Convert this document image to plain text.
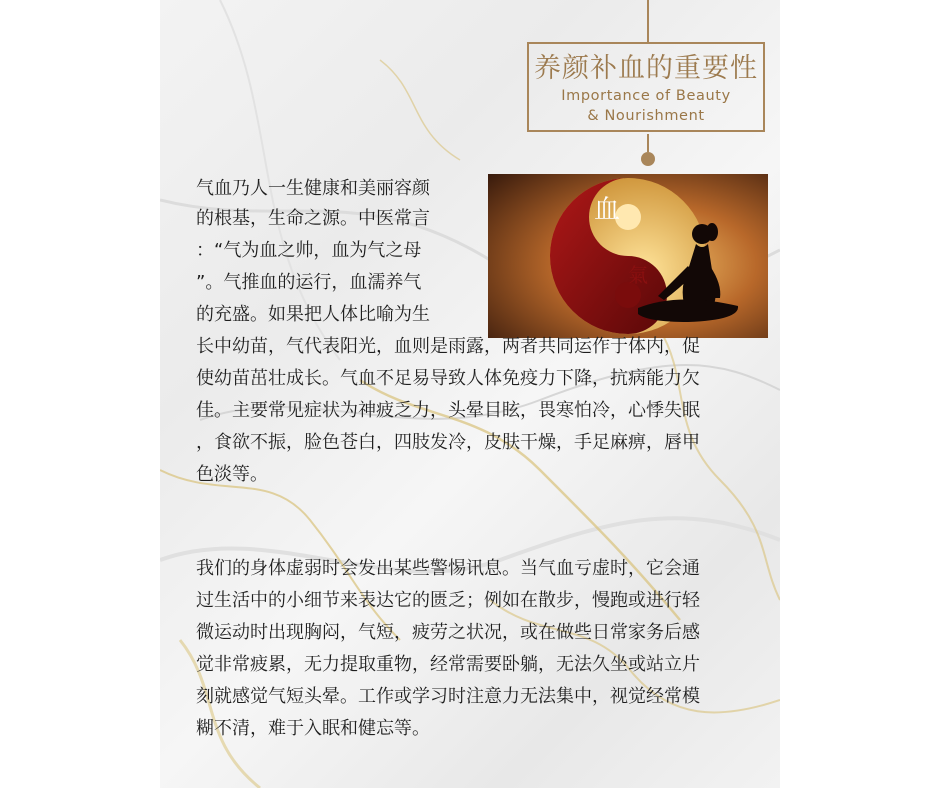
养颜补血的重要性
Importance of Beauty
& Nourishment
血
氣
气血乃人一生健康和美丽容颜
的根基，生命之源。中医常言
：“气为血之帅，血为气之母
”。气推血的运行，血濡养气
的充盛。如果把人体比喻为生
长中幼苗，气代表阳光，血则是雨露，两者共同运作于体内，促
使幼苗茁壮成长。气血不足易导致人体免疫力下降，抗病能力欠
佳。主要常见症状为神疲乏力，头晕目眩，畏寒怕冷，心悸失眠
，食欲不振，脸色苍白，四肢发冷，皮肤干燥，手足麻痹，唇甲
色淡等。
我们的身体虚弱时会发出某些警惕讯息。当气血亏虚时，它会通
过生活中的小细节来表达它的匮乏；例如在散步，慢跑或进行轻
微运动时出现胸闷，气短，疲劳之状况，或在做些日常家务后感
觉非常疲累，无力提取重物，经常需要卧躺，无法久坐或站立片
刻就感觉气短头晕。工作或学习时注意力无法集中，视觉经常模
糊不清，难于入眠和健忘等。
